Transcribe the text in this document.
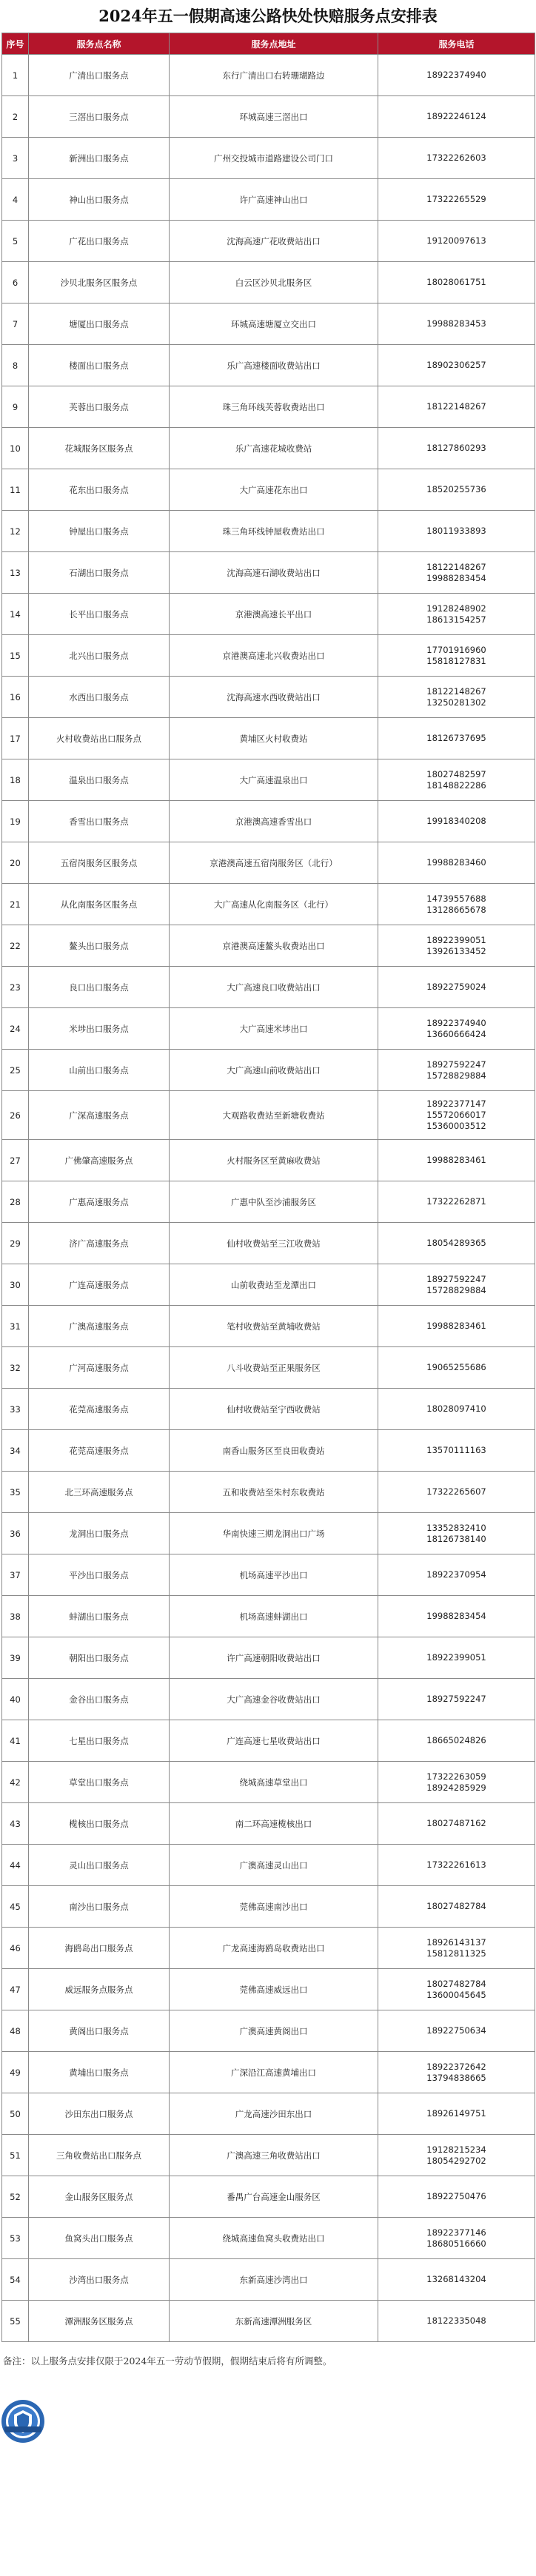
2024年五一假期高速公路快处快赔服务点安排表
序号	服务点名称	服务点地址	服务电话
1	广清出口服务点	东行广清出口右转珊瑚路边	18922374940

2	三滘出口服务点	环城高速三滘出口	18922246124

3	新洲出口服务点	广州交投城市道路建设公司门口	17322262603

4	神山出口服务点	许广高速神山出口	17322265529

5	广花出口服务点	沈海高速广花收费站出口	19120097613

6	沙贝北服务区服务点	白云区沙贝北服务区	18028061751

7	塘厦出口服务点	环城高速塘厦立交出口	19988283453

8	楼面出口服务点	乐广高速楼面收费站出口	18902306257

9	芙蓉出口服务点	珠三角环线芙蓉收费站出口	18122148267

10	花城服务区服务点	乐广高速花城收费站	18127860293

11	花东出口服务点	大广高速花东出口	18520255736

12	钟屋出口服务点	珠三角环线钟屋收费站出口	18011933893

13	石湖出口服务点	沈海高速石湖收费站出口	18122148267
19988283454

14	长平出口服务点	京港澳高速长平出口	19128248902
18613154257

15	北兴出口服务点	京港澳高速北兴收费站出口	17701916960
15818127831

16	水西出口服务点	沈海高速水西收费站出口	18122148267
13250281302

17	火村收费站出口服务点	黄埔区火村收费站	18126737695

18	温泉出口服务点	大广高速温泉出口	18027482597
18148822286

19	香雪出口服务点	京港澳高速香雪出口	19918340208

20	五宿岗服务区服务点	京港澳高速五宿岗服务区（北行）	19988283460

21	从化南服务区服务点	大广高速从化南服务区（北行）	14739557688
13128665678

22	鳌头出口服务点	京港澳高速鳌头收费站出口	18922399051
13926133452

23	良口出口服务点	大广高速良口收费站出口	18922759024

24	米埗出口服务点	大广高速米埗出口	18922374940
13660666424

25	山前出口服务点	大广高速山前收费站出口	18927592247
15728829884

26	广深高速服务点	大观路收费站至新塘收费站	18922377147
15572066017
15360003512

27	广佛肇高速服务点	火村服务区至黄麻收费站	19988283461

28	广惠高速服务点	广惠中队至沙浦服务区	17322262871

29	济广高速服务点	仙村收费站至三江收费站	18054289365

30	广连高速服务点	山前收费站至龙潭出口	18927592247
15728829884

31	广澳高速服务点	笔村收费站至黄埔收费站	19988283461

32	广河高速服务点	八斗收费站至正果服务区	19065255686

33	花莞高速服务点	仙村收费站至宁西收费站	18028097410

34	花莞高速服务点	南香山服务区至良田收费站	13570111163

35	北三环高速服务点	五和收费站至朱村东收费站	17322265607

36	龙洞出口服务点	华南快速三期龙洞出口广场	13352832410
18126738140

37	平沙出口服务点	机场高速平沙出口	18922370954

38	蚌湖出口服务点	机场高速蚌湖出口	19988283454

39	朝阳出口服务点	许广高速朝阳收费站出口	18922399051

40	金谷出口服务点	大广高速金谷收费站出口	18927592247

41	七星出口服务点	广连高速七星收费站出口	18665024826

42	草堂出口服务点	绕城高速草堂出口	17322263059
18924285929

43	榄核出口服务点	南二环高速榄核出口	18027487162

44	灵山出口服务点	广澳高速灵山出口	17322261613

45	南沙出口服务点	莞佛高速南沙出口	18027482784

46	海鸥岛出口服务点	广龙高速海鸥岛收费站出口	18926143137
15812811325

47	威远服务点服务点	莞佛高速威远出口	18027482784
13600045645

48	黄阁出口服务点	广澳高速黄阁出口	18922750634

49	黄埔出口服务点	广深沿江高速黄埔出口	18922372642
13794838665

50	沙田东出口服务点	广龙高速沙田东出口	18926149751

51	三角收费站出口服务点	广澳高速三角收费站出口	19128215234
18054292702

52	金山服务区服务点	番禺广台高速金山服务区	18922750476

53	鱼窝头出口服务点	绕城高速鱼窝头收费站出口	18922377146
18680516660

54	沙湾出口服务点	东新高速沙湾出口	13268143204

55	潭洲服务区服务点	东新高速潭洲服务区	18122335048
备注：以上服务点安排仅限于2024年五一劳动节假期，假期结束后将有所调整。
